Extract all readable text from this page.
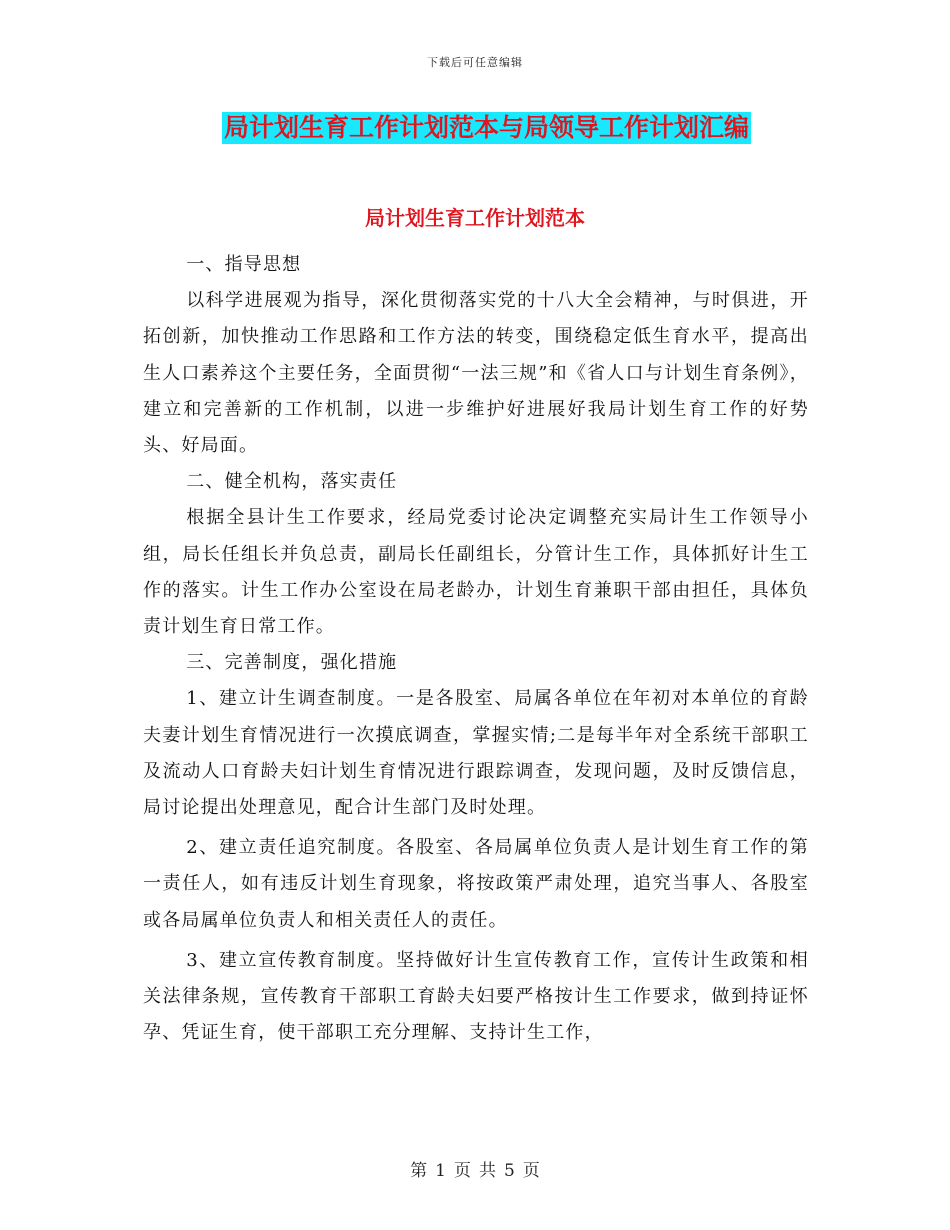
下载后可任意编辑
局计划生育工作计划范本与局领导工作计划汇编
局计划生育工作计划范本

一、指导思想

以科学进展观为指导，深化贯彻落实党的十八大全会精神，与时俱进，开拓创新，加快推动工作思路和工作方法的转变，围绕稳定低生育水平，提高出生人口素养这个主要任务，全面贯彻“一法三规”和《省人口与计划生育条例》，建立和完善新的工作机制，以进一步维护好进展好我局计划生育工作的好势头、好局面。

二、健全机构，落实责任

根据全县计生工作要求，经局党委讨论决定调整充实局计生工作领导小组，局长任组长并负总责，副局长任副组长，分管计生工作，具体抓好计生工作的落实。计生工作办公室设在局老龄办，计划生育兼职干部由担任，具体负责计划生育日常工作。

三、完善制度，强化措施

1、建立计生调查制度。一是各股室、局属各单位在年初对本单位的育龄夫妻计划生育情况进行一次摸底调查，掌握实情;二是每半年对全系统干部职工及流动人口育龄夫妇计划生育情况进行跟踪调查，发现问题，及时反馈信息，局讨论提出处理意见，配合计生部门及时处理。

2、建立责任追究制度。各股室、各局属单位负责人是计划生育工作的第一责任人，如有违反计划生育现象，将按政策严肃处理，追究当事人、各股室或各局属单位负责人和相关责任人的责任。

3、建立宣传教育制度。坚持做好计生宣传教育工作，宣传计生政策和相关法律条规，宣传教育干部职工育龄夫妇要严格按计生工作要求，做到持证怀孕、凭证生育，使干部职工充分理解、支持计生工作，

第 1 页 共 5 页
